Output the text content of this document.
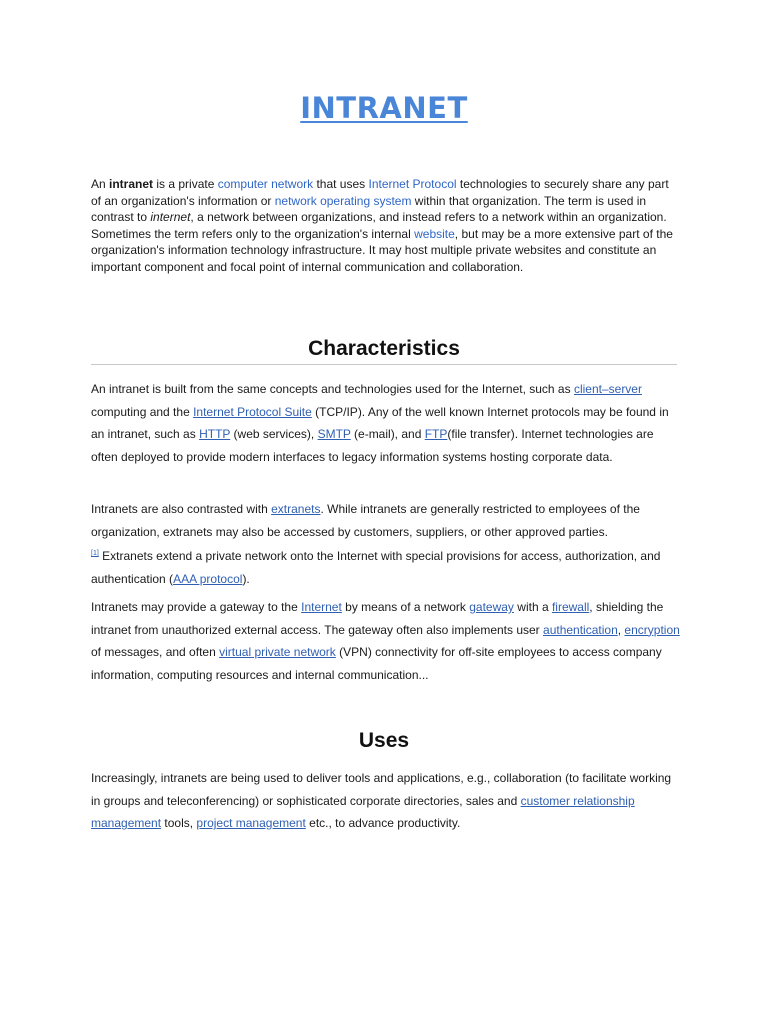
INTRANET

An intranet is a private computer network that uses Internet Protocol technologies to securely share any part of an organization's information or network operating system within that organization. The term is used in contrast to internet, a network between organizations, and instead refers to a network within an organization. Sometimes the term refers only to the organization's internal website, but may be a more extensive part of the organization's information technology infrastructure. It may host multiple private websites and constitute an important component and focal point of internal communication and collaboration.

Characteristics

An intranet is built from the same concepts and technologies used for the Internet, such as client–server computing and the Internet Protocol Suite (TCP/IP). Any of the well known Internet protocols may be found in an intranet, such as HTTP (web services), SMTP (e-mail), and FTP(file transfer). Internet technologies are often deployed to provide modern interfaces to legacy information systems hosting corporate data.

Intranets are also contrasted with extranets. While intranets are generally restricted to employees of the organization, extranets may also be accessed by customers, suppliers, or other approved parties.
[1] Extranets extend a private network onto the Internet with special provisions for access, authorization, and authentication (AAA protocol).

Intranets may provide a gateway to the Internet by means of a network gateway with a firewall, shielding the intranet from unauthorized external access. The gateway often also implements user authentication, encryption of messages, and often virtual private network (VPN) connectivity for off-site employees to access company information, computing resources and internal communication...

Uses

Increasingly, intranets are being used to deliver tools and applications, e.g., collaboration (to facilitate working in groups and teleconferencing) or sophisticated corporate directories, sales and customer relationship management tools, project management etc., to advance productivity.
